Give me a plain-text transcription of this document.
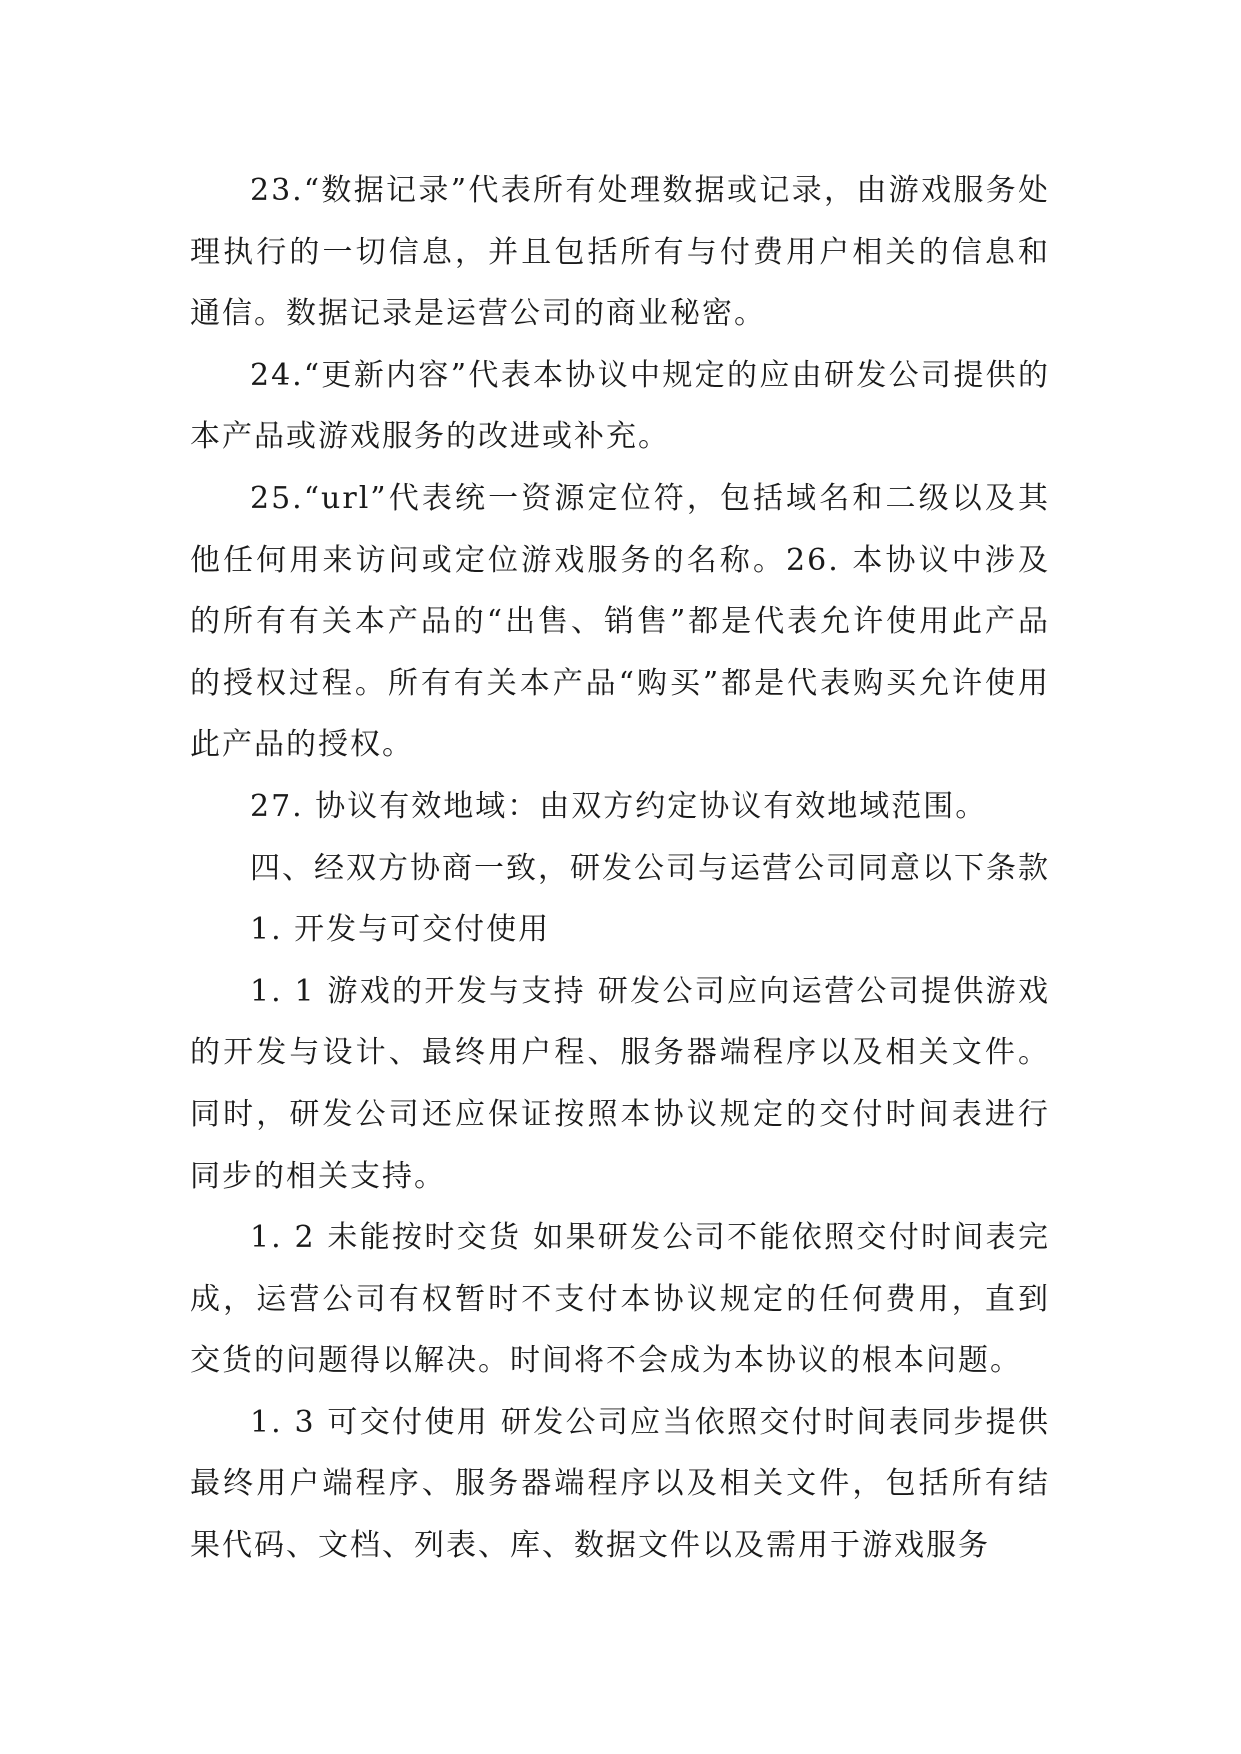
23.“数据记录”代表所有处理数据或记录，由游戏服务处理执行的一切信息，并且包括所有与付费用户相关的信息和通信。数据记录是运营公司的商业秘密。

24.“更新内容”代表本协议中规定的应由研发公司提供的本产品或游戏服务的改进或补充。

25.“url”代表统一资源定位符，包括域名和二级以及其他任何用来访问或定位游戏服务的名称。26. 本协议中涉及的所有有关本产品的“出售、销售”都是代表允许使用此产品的授权过程。所有有关本产品“购买”都是代表购买允许使用此产品的授权。

27. 协议有效地域：由双方约定协议有效地域范围。

四、经双方协商一致，研发公司与运营公司同意以下条款

1. 开发与可交付使用

1. 1 游戏的开发与支持 研发公司应向运营公司提供游戏的开发与设计、最终用户程、服务器端程序以及相关文件。同时，研发公司还应保证按照本协议规定的交付时间表进行同步的相关支持。

1. 2 未能按时交货 如果研发公司不能依照交付时间表完成，运营公司有权暂时不支付本协议规定的任何费用，直到交货的问题得以解决。时间将不会成为本协议的根本问题。

1. 3 可交付使用 研发公司应当依照交付时间表同步提供最终用户端程序、服务器端程序以及相关文件，包括所有结果代码、文档、列表、库、数据文件以及需用于游戏服务
